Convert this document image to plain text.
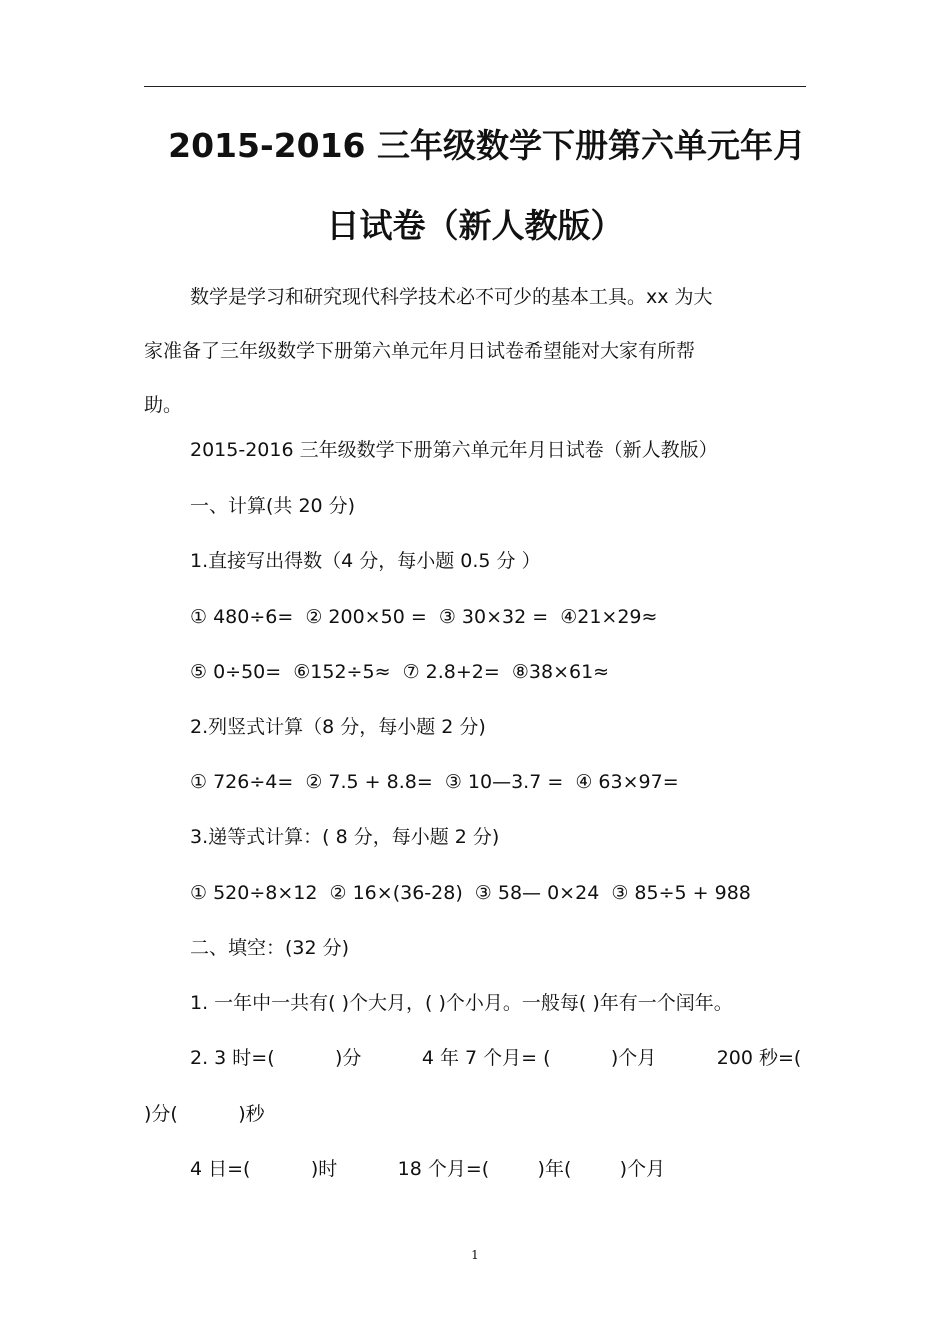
2015-2016 三年级数学下册第六单元年月
日试卷（新人教版）
数学是学习和研究现代科学技术必不可少的基本工具。xx 为大
家准备了三年级数学下册第六单元年月日试卷希望能对大家有所帮
助。
2015-2016 三年级数学下册第六单元年月日试卷（新人教版）
一、计算(共 20 分)
1.直接写出得数（4 分，每小题 0.5 分 ）
① 480÷6=  ② 200×50 =  ③ 30×32 =  ④21×29≈
⑤ 0÷50=  ⑥152÷5≈  ⑦ 2.8+2=  ⑧38×61≈
2.列竖式计算（8 分，每小题 2 分)
① 726÷4=  ② 7.5 + 8.8=  ③ 10—3.7 =  ④ 63×97=
3.递等式计算：( 8 分，每小题 2 分)
① 520÷8×12  ② 16×(36-28)  ③ 58— 0×24  ③ 85÷5 + 988
二、填空：(32 分)
1. 一年中一共有( )个大月，( )个小月。一般每( )年有一个闰年。
2. 3 时=(          )分          4 年 7 个月= (          )个月          200 秒=(
)分(          )秒
4 日=(          )时          18 个月=(        )年(        )个月
1
